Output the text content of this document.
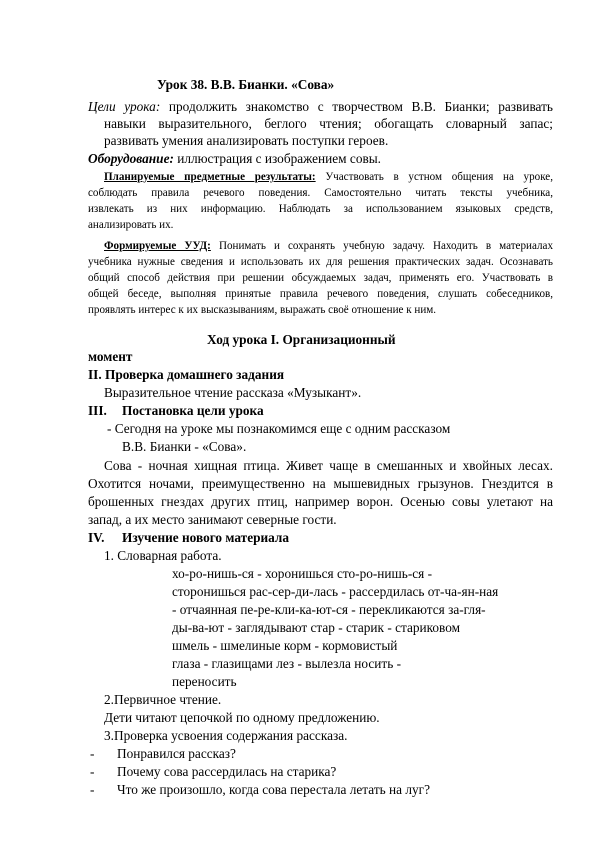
Урок 38. В.В. Бианки. «Сова»
Цели урока: продолжить знакомство с творчеством В.В. Бианки; развивать
навыки выразительного, беглого чтения; обогащать словарный запас;
развивать умения анализировать поступки героев.
Оборудование: иллюстрация с изображением совы.
Планируемые предметные результаты: Участвовать в устном общения на уроке,
соблюдать правила речевого поведения. Самостоятельно читать тексты учебника,
извлекать из них информацию. Наблюдать за использованием языковых средств,
анализировать их.
Формируемые УУД: Понимать и сохранять учебную задачу. Находить в материалах
учебника нужные сведения и использовать их для решения практических задач. Осознавать
общий способ действия при решении обсуждаемых задач, применять его. Участвовать в
общей беседе, выполняя принятые правила речевого поведения, слушать собеседников,
проявлять интерес к их высказываниям, выражать своё отношение к ним.
Ход урока I. Организационный
момент
II. Проверка домашнего задания
Выразительное чтение рассказа «Музыкант».
III. Постановка цели урока
- Сегодня на уроке мы познакомимся еще с одним рассказом
В.В. Бианки - «Сова».
Сова - ночная хищная птица. Живет чаще в смешанных и хвойных лесах.
Охотится ночами, преимущественно на мышевидных грызунов. Гнездится в
брошенных гнездах других птиц, например ворон. Осенью совы улетают на
запад, а их место занимают северные гости.
IV. Изучение нового материала
1. Словарная работа.
хо-ро-нишь-ся - хоронишься сто-ро-нишь-ся -
сторонишься рас-сер-ди-лась - рассердилась от-ча-ян-ная
- отчаянная пе-ре-кли-ка-ют-ся - перекликаются за-гля-
ды-ва-ют - заглядывают стар - старик - стариковом
шмель - шмелиные корм - кормовистый
глаза - глазищами лез - вылезла носить -
переносить
2.Первичное чтение.
Дети читают цепочкой по одному предложению.
3.Проверка усвоения содержания рассказа.
- Понравился рассказ?
- Почему сова рассердилась на старика?
- Что же произошло, когда сова перестала летать на луг?
